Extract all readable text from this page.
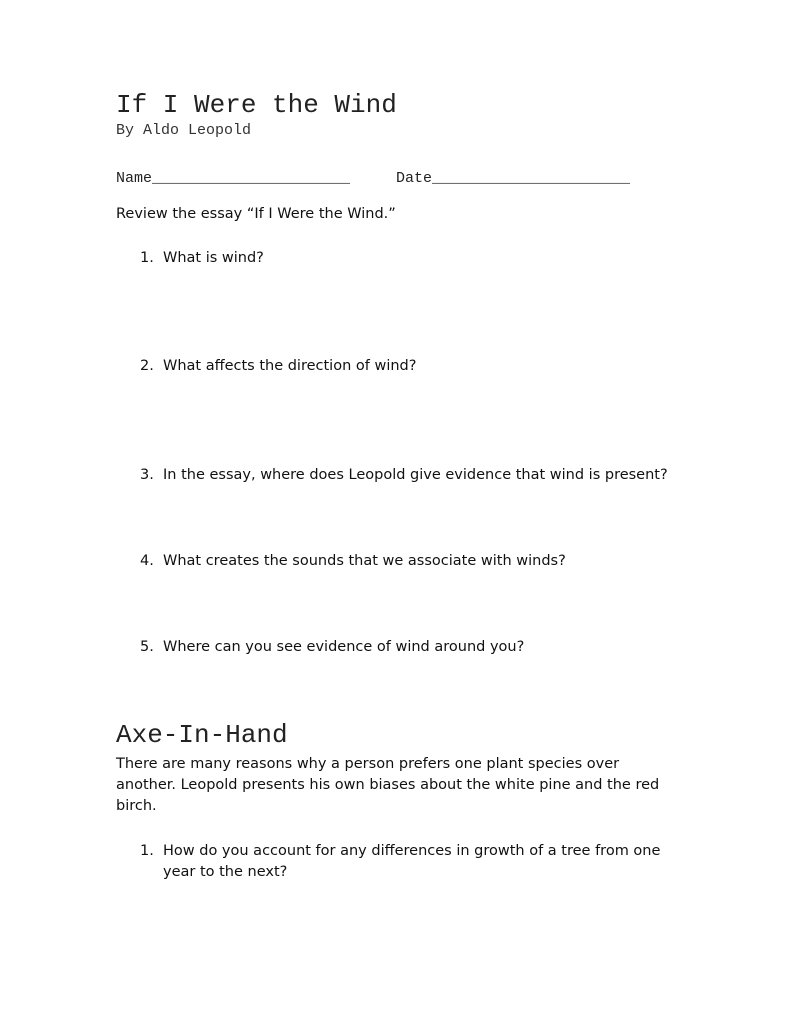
If I Were the Wind
By Aldo Leopold
Name______________________	Date______________________
Review the essay “If I Were the Wind.”
1. What is wind?
2. What affects the direction of wind?
3. In the essay, where does Leopold give evidence that wind is present?
4. What creates the sounds that we associate with winds?
5. Where can you see evidence of wind around you?
Axe-In-Hand
There are many reasons why a person prefers one plant species over another. Leopold presents his own biases about the white pine and the red birch.
1. How do you account for any differences in growth of a tree from one year to the next?
